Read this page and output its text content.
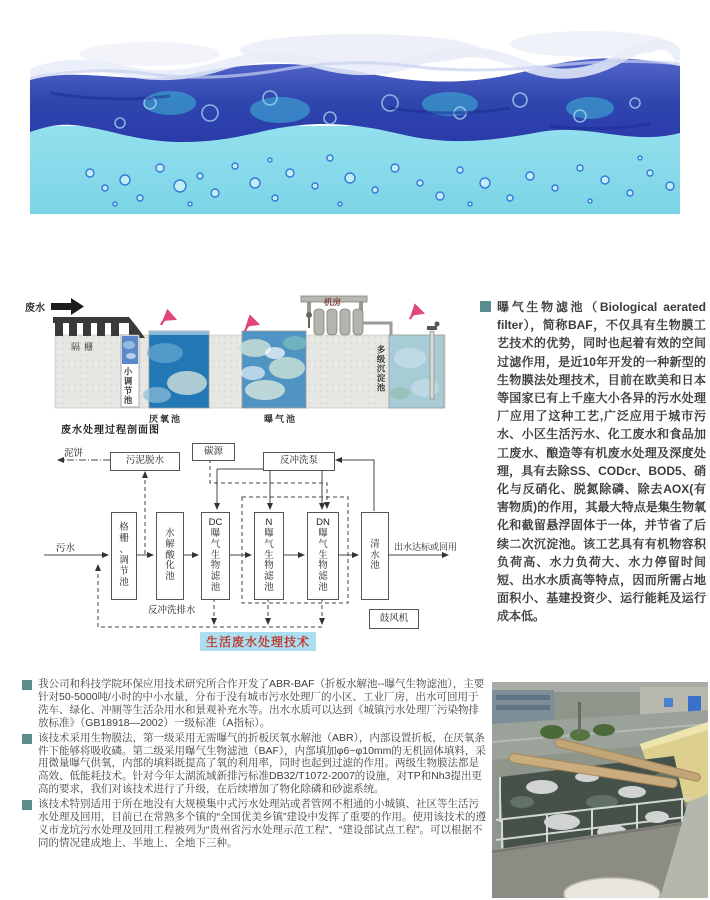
废水
隔栅
小调节池
厌氧池	曝气池
机房
多级沉淀池
废水处理过程剖面图
污泥脱水
碳源
反冲洗泵
格栅、调节池
水解酸化池
DC曝气生物滤池
N曝气生物滤池
DN曝气生物滤池
清水池
鼓风机
泥饼
污水	出水达标或回用
反冲洗排水
生活废水处理技术
曝气生物滤池（Biological aerated filter），简称BAF，不仅具有生物膜工艺技术的优势，同时也起着有效的空间过滤作用，是近10年开发的一种新型的生物膜法处理技术，目前在欧美和日本等国家已有上千座大小各异的污水处理厂应用了这种工艺,广泛应用于城市污水、小区生活污水、化工废水和食品加工废水、酿造等有机废水处理及深度处理，具有去除SS、CODcr、BOD5、硝化与反硝化、脱氮除磷、除去AOX(有害物质)的作用，其最大特点是集生物氧化和截留悬浮固体于一体，并节省了后续二次沉淀池。该工艺具有有机物容积负荷高、水力负荷大、水力停留时间短、出水水质高等特点，因而所需占地面积小、基建投资少、运行能耗及运行成本低。
我公司和科技学院环保应用技术研究所合作开发了ABR-BAF（折板水解池--曝气生物滤池），主要针对50-5000吨/小时的中小水量，分布于没有城市污水处理厂的小区、工业厂房，出水可回用于洗车、绿化、冲厕等生活杂用水和景观补充水等。出水水质可以达到《城镇污水处理厂污染物排放标准》（GB18918—2002）一级标准（A指标）。
该技术采用生物膜法，第一级采用无需曝气的折板厌氧水解池（ABR），内部设置折板，在厌氧条件下能够将吸收磷。第二级采用曝气生物滤池（BAF），内部填加φ6~φ10mm的无机固体填料，采用微量曝气供氧，内部的填料既提高了氧的利用率，同时也起到过滤的作用。两级生物膜法都是高效、低能耗技术。针对今年太湖流域新排污标准DB32/T1072-2007的设施，对TP和Nh3提出更高的要求，我们对该技术进行了升级，在后续增加了物化除磷和砂滤系统。
该技术特别适用于所在地没有大规模集中式污水处理站或者管网不相通的小城镇、社区等生活污水处理及回用，目前已在常熟多个镇的“全国优美乡镇”建设中发挥了重要的作用。使用该技术的遵义市龙坑污水处理及回用工程被列为“贵州省污水处理示范工程”、“建设部试点工程”。可以根据不同的情况建成地上、半地上、全地下三种。
